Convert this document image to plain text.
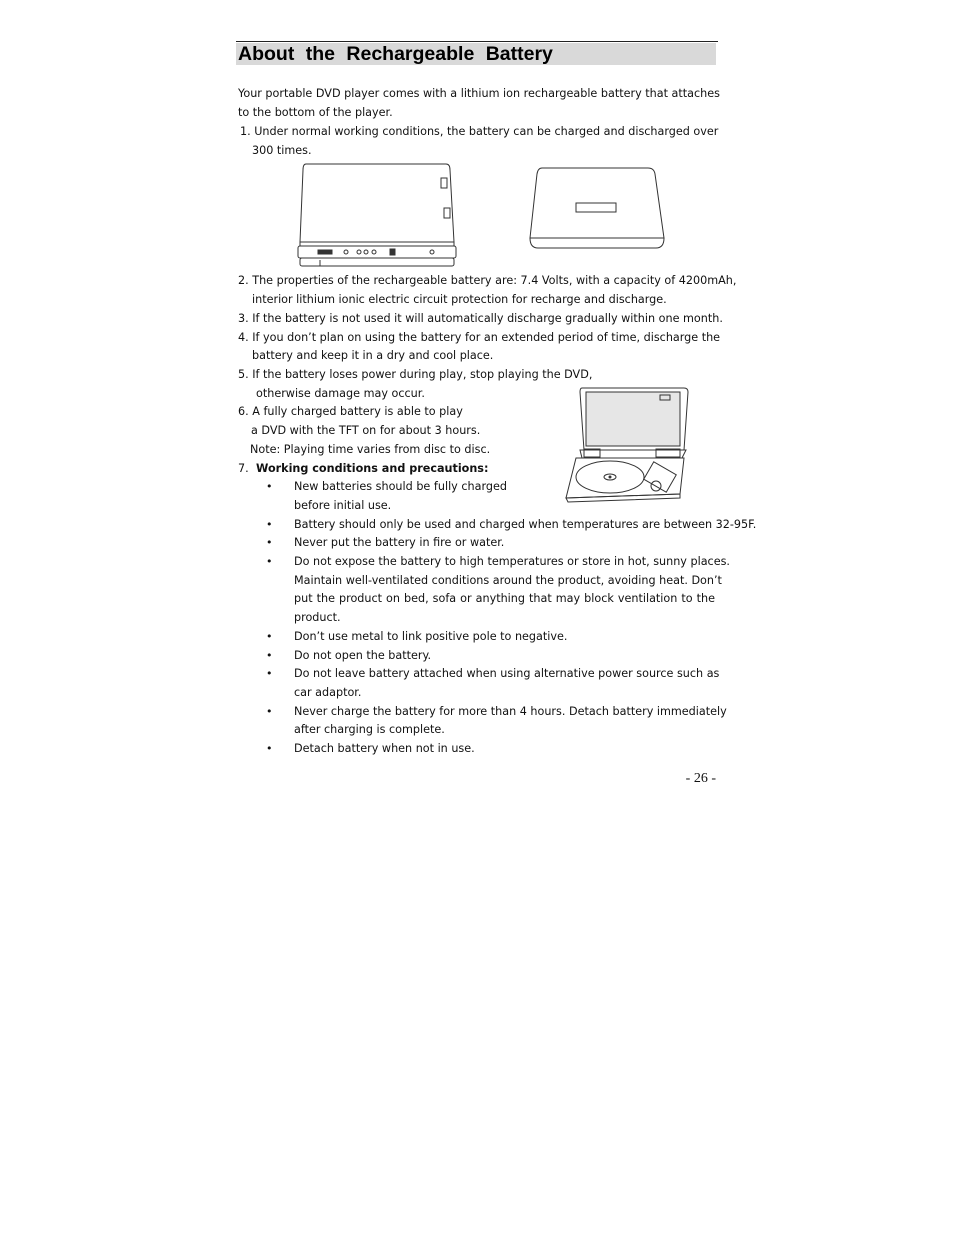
About the Rechargeable Battery
Your portable DVD player comes with a lithium ion rechargeable battery that attaches
to the bottom of the player.
1. Under normal working conditions, the battery can be charged and discharged over
300 times.
2. The properties of the rechargeable battery are: 7.4 Volts, with a capacity of 4200mAh,
interior lithium ionic electric circuit protection for recharge and discharge.
3. If the battery is not used it will automatically discharge gradually within one month.
4. If you don’t plan on using the battery for an extended period of time, discharge the
battery and keep it in a dry and cool place.
5. If the battery loses power during play, stop playing the DVD,
otherwise damage may occur.
6. A fully charged battery is able to play
a DVD with the TFT on for about 3 hours.
Note: Playing time varies from disc to disc.
7. Working conditions and precautions:
• New batteries should be fully charged
before initial use.
• Battery should only be used and charged when temperatures are between 32-95F.
• Never put the battery in fire or water.
• Do not expose the battery to high temperatures or store in hot, sunny places.
Maintain well-ventilated conditions around the product, avoiding heat. Don’t
put the product on bed, sofa or anything that may block ventilation to the
product.
• Don’t use metal to link positive pole to negative.
• Do not open the battery.
• Do not leave battery attached when using alternative power source such as
car adaptor.
• Never charge the battery for more than 4 hours. Detach battery immediately
after charging is complete.
• Detach battery when not in use.
- 26 -
